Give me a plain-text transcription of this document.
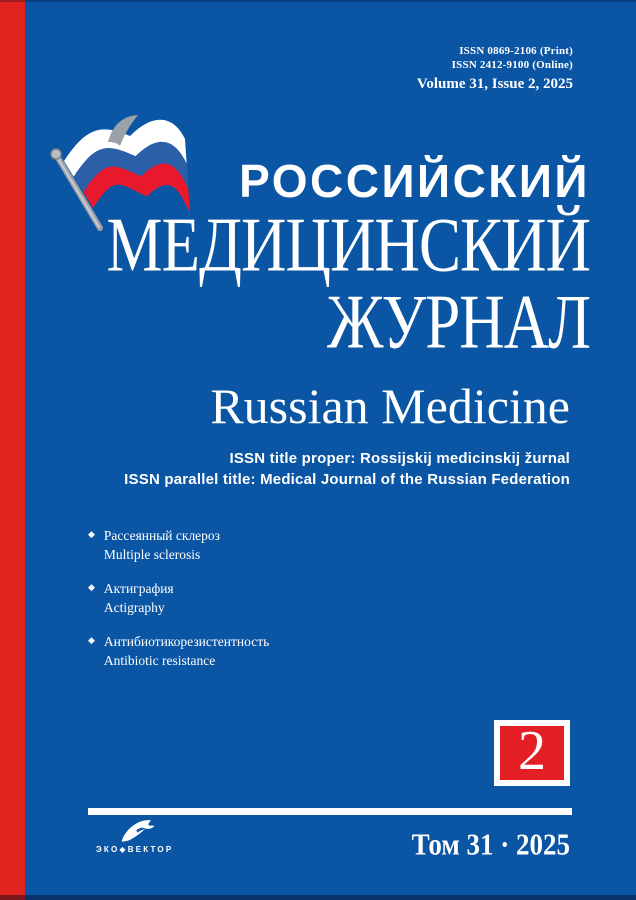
ISSN 0869-2106 (Print)
ISSN 2412-9100 (Online)
Volume 31, Issue 2, 2025
РОССИЙСКИЙ
МЕДИЦИНСКИЙ
ЖУРНАЛ
Russian Medicine
ISSN title proper: Rossijskij medicinskij žurnal
ISSN parallel title: Medical Journal of the Russian Federation
◆ Рассеянный склероз
Multiple sclerosis
◆ Актиграфия
Actigraphy
◆ Антибиотикорезистентность
Antibiotic resistance
2
ЭКО◆ВЕКТОР	Том 31 · 2025
